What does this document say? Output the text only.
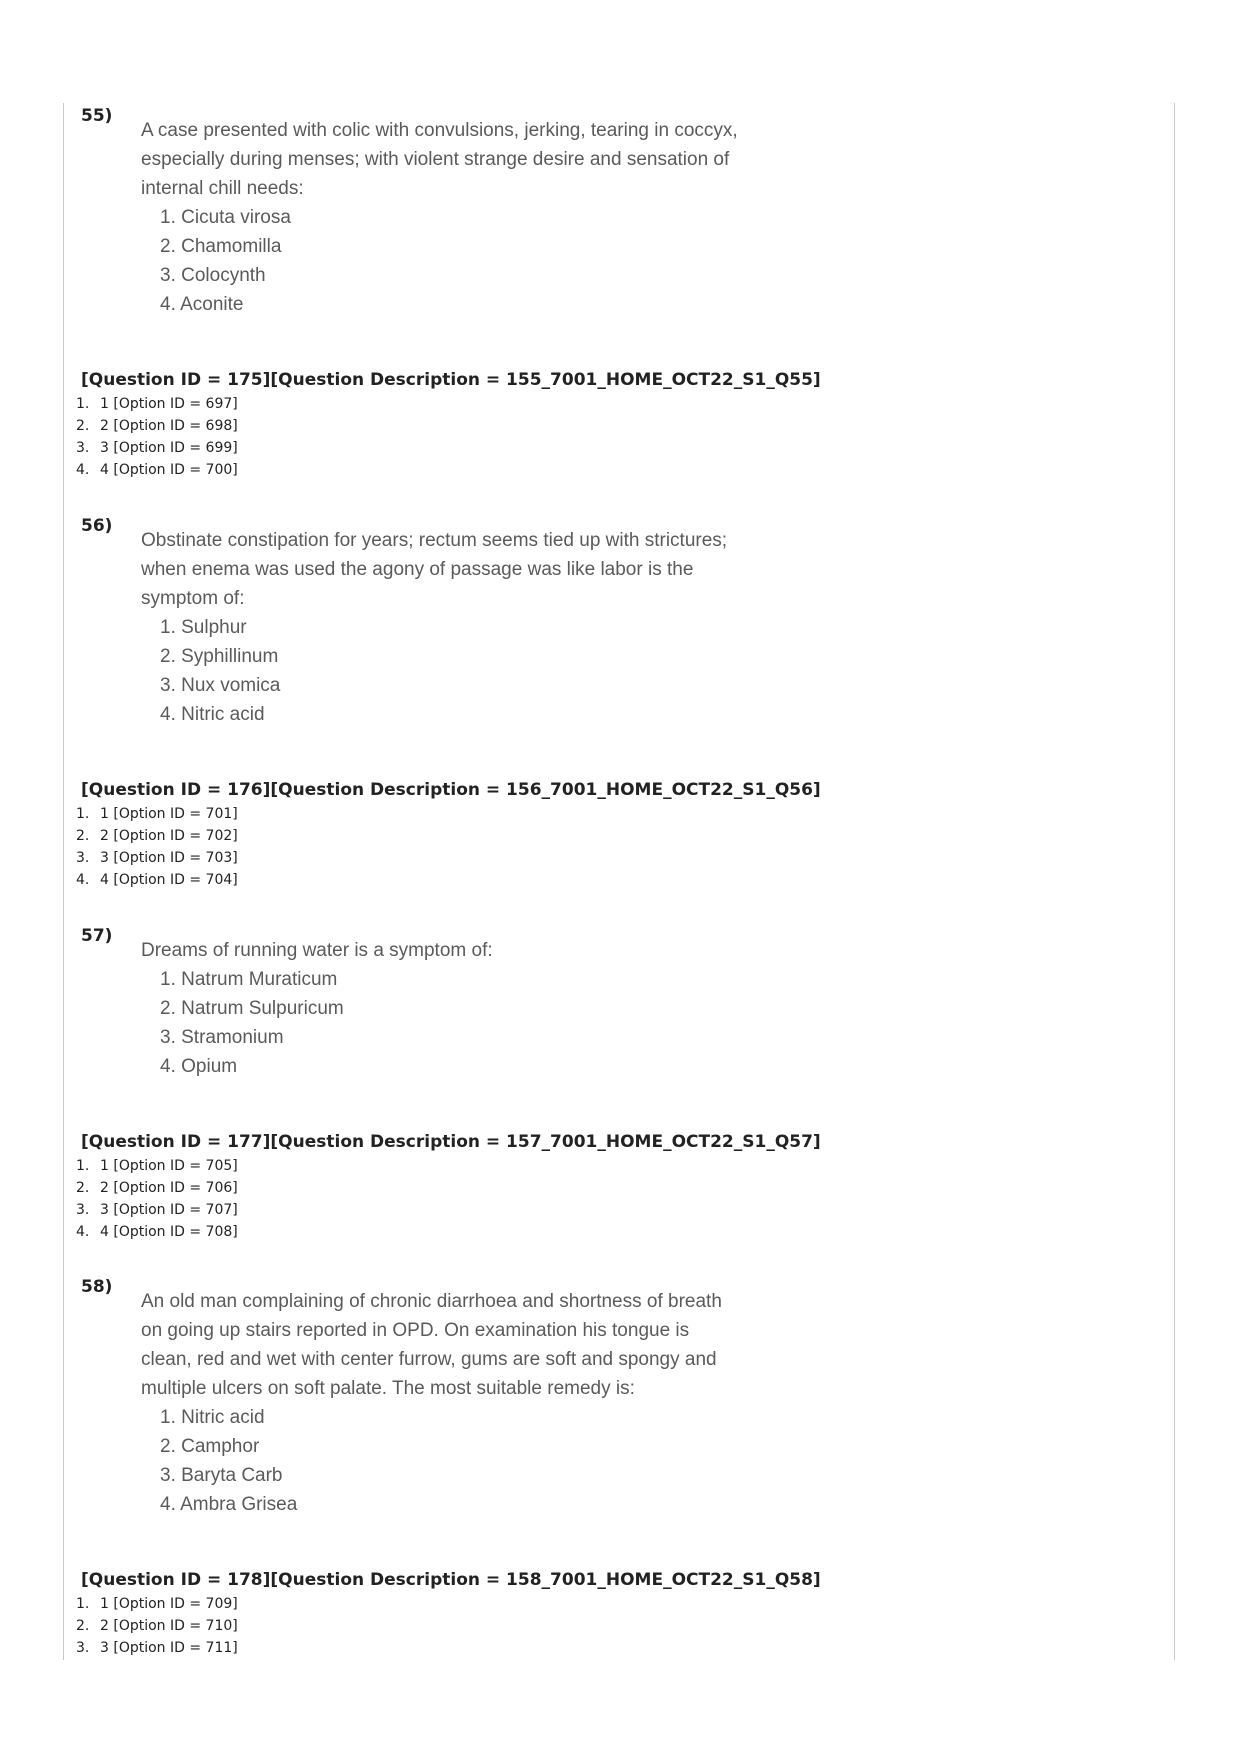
55)

A case presented with colic with convulsions, jerking, tearing in coccyx, especially during menses; with violent strange desire and sensation of internal chill needs:

1. Cicuta virosa
2. Chamomilla
3. Colocynth
4. Aconite
[Question ID = 175][Question Description = 155_7001_HOME_OCT22_S1_Q55]
1. 1 [Option ID = 697]
2. 2 [Option ID = 698]
3. 3 [Option ID = 699]
4. 4 [Option ID = 700]
56)

Obstinate constipation for years; rectum seems tied up with strictures; when enema was used the agony of passage was like labor is the symptom of:

1. Sulphur
2. Syphillinum
3. Nux vomica
4. Nitric acid
[Question ID = 176][Question Description = 156_7001_HOME_OCT22_S1_Q56]
1. 1 [Option ID = 701]
2. 2 [Option ID = 702]
3. 3 [Option ID = 703]
4. 4 [Option ID = 704]
57)

Dreams of running water is a symptom of:

1. Natrum Muraticum
2. Natrum Sulpuricum
3. Stramonium
4. Opium
[Question ID = 177][Question Description = 157_7001_HOME_OCT22_S1_Q57]
1. 1 [Option ID = 705]
2. 2 [Option ID = 706]
3. 3 [Option ID = 707]
4. 4 [Option ID = 708]
58)

An old man complaining of chronic diarrhoea and shortness of breath on going up stairs reported in OPD. On examination his tongue is clean, red and wet with center furrow, gums are soft and spongy and multiple ulcers on soft palate. The most suitable remedy is:

1. Nitric acid
2. Camphor
3. Baryta Carb
4. Ambra Grisea
[Question ID = 178][Question Description = 158_7001_HOME_OCT22_S1_Q58]
1. 1 [Option ID = 709]
2. 2 [Option ID = 710]
3. 3 [Option ID = 711]
